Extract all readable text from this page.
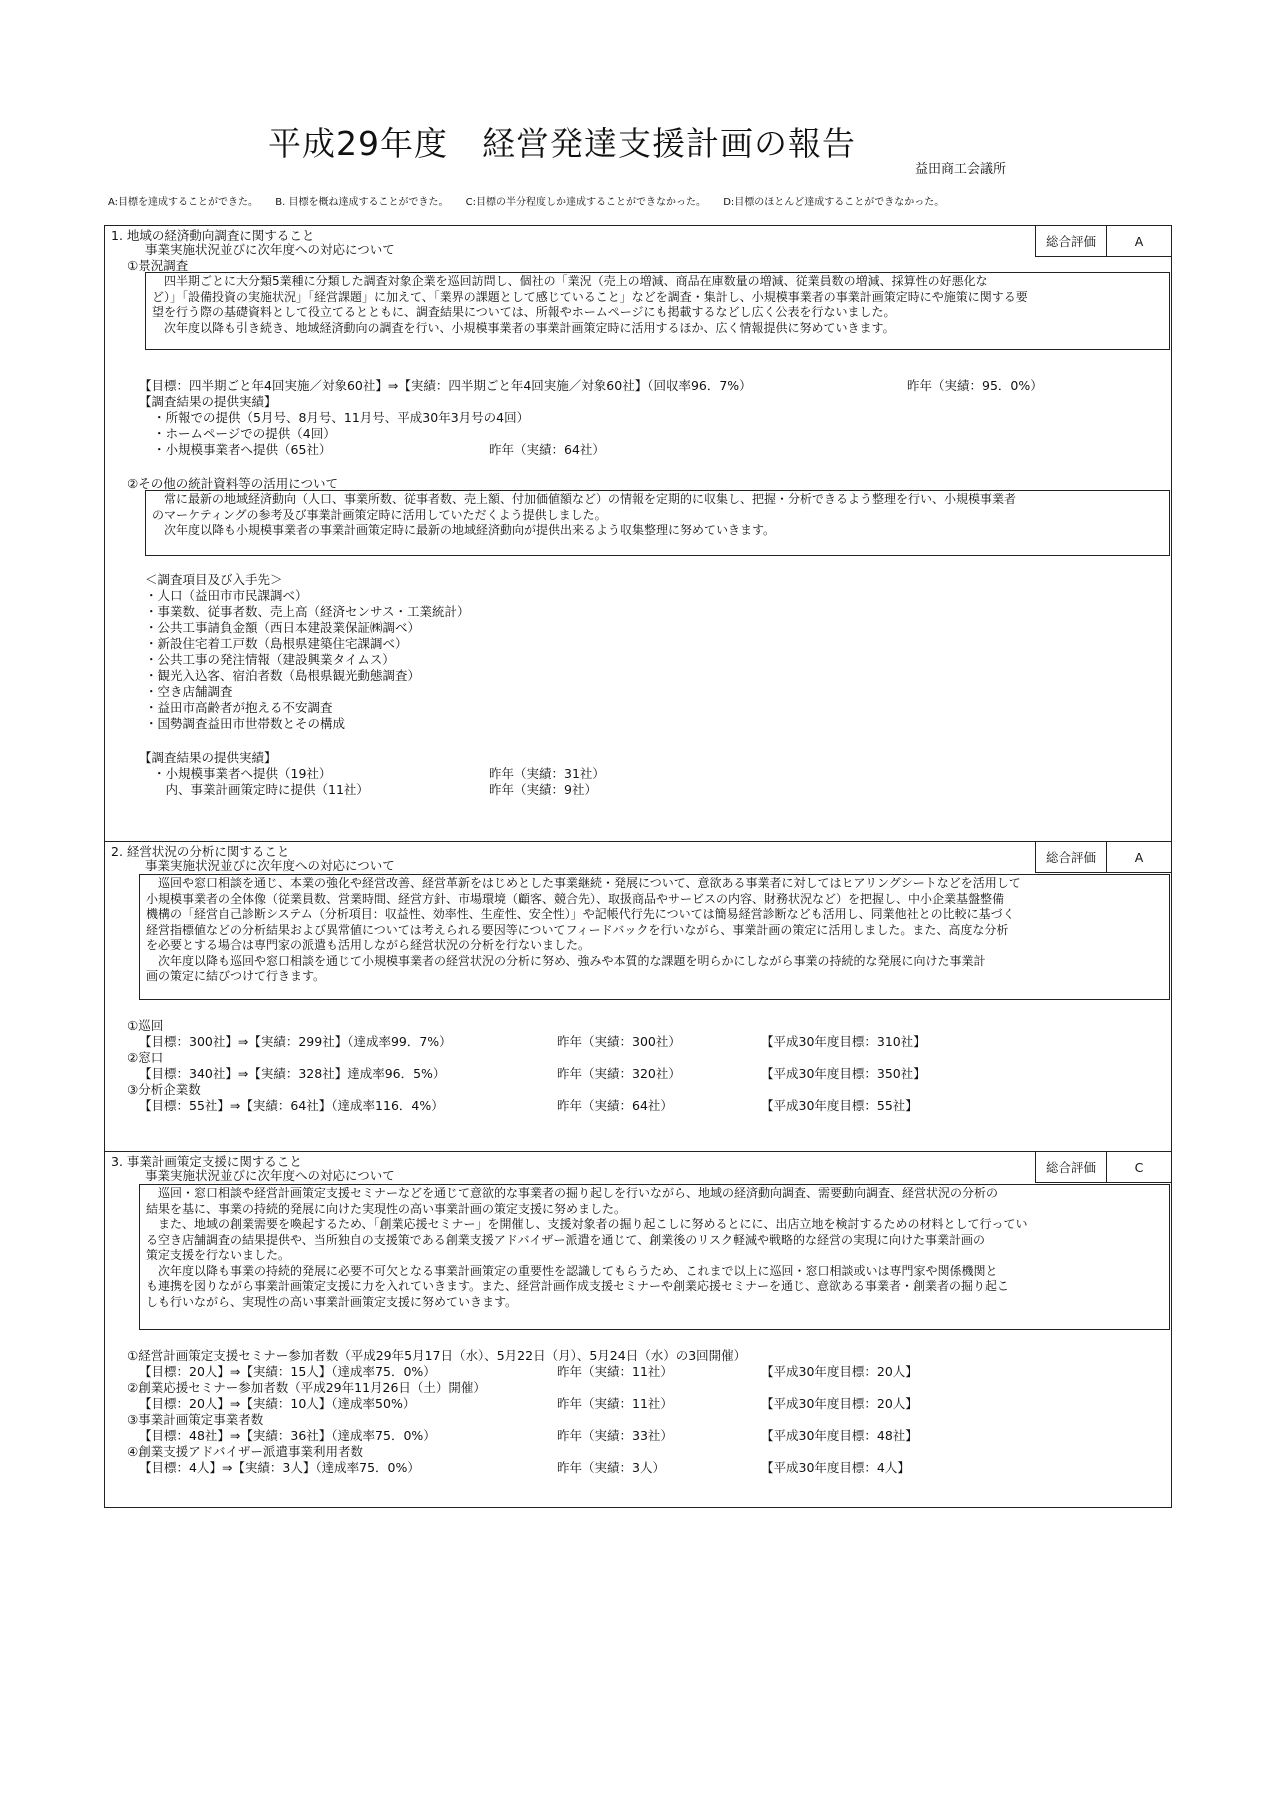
平成29年度　経営発達支援計画の報告
益田商工会議所
A:目標を達成することができた。 B. 目標を概ね達成することができた。 C:目標の半分程度しか達成することができなかった。 D:目標のほとんど達成することができなかった。
1. 地域の経済動向調査に関すること
事業実施状況並びに次年度への対応について
総合評価	A
①景況調査

　四半期ごとに大分類5業種に分類した調査対象企業を巡回訪問し、個社の「業況（売上の増減、商品在庫数量の増減、従業員数の増減、採算性の好悪化な

ど）」「設備投資の実施状況」「経営課題」に加えて、「業界の課題として感じていること」などを調査・集計し、小規模事業者の事業計画策定時にや施策に関する要

望を行う際の基礎資料として役立てるとともに、調査結果については、所報やホームページにも掲載するなどし広く公表を行ないました。

　次年度以降も引き続き、地域経済動向の調査を行い、小規模事業者の事業計画策定時に活用するほか、広く情報提供に努めていきます。

【目標：四半期ごと年4回実施／対象60社】⇒【実績：四半期ごと年4回実施／対象60社】（回収率96．7%）	昨年（実績：95．0%）
【調査結果の提供実績】
・所報での提供（5月号、8月号、11月号、平成30年3月号の4回）
・ホームページでの提供（4回）
・小規模事業者へ提供（65社）	昨年（実績：64社）
②その他の統計資料等の活用について

　常に最新の地域経済動向（人口、事業所数、従事者数、売上額、付加価値額など）の情報を定期的に収集し、把握・分析できるよう整理を行い、小規模事業者

のマーケティングの参考及び事業計画策定時に活用していただくよう提供しました。

　次年度以降も小規模事業者の事業計画策定時に最新の地域経済動向が提供出来るよう収集整理に努めていきます。

＜調査項目及び入手先＞
・人口（益田市市民課調べ）
・事業数、従事者数、売上高（経済センサス・工業統計）
・公共工事請負金額（西日本建設業保証㈱調べ）
・新設住宅着工戸数（島根県建築住宅課調べ）
・公共工事の発注情報（建設興業タイムス）
・観光入込客、宿泊者数（島根県観光動態調査）
・空き店舗調査
・益田市高齢者が抱える不安調査
・国勢調査益田市世帯数とその構成
【調査結果の提供実績】
・小規模事業者へ提供（19社）	昨年（実績：31社）
　内、事業計画策定時に提供（11社）	昨年（実績：9社）
2. 経営状況の分析に関すること
事業実施状況並びに次年度への対応について
総合評価	A

　巡回や窓口相談を通じ、本業の強化や経営改善、経営革新をはじめとした事業継続・発展について、意欲ある事業者に対してはヒアリングシートなどを活用して

小規模事業者の全体像（従業員数、営業時間、経営方針、市場環境（顧客、競合先）、取扱商品やサービスの内容、財務状況など）を把握し、中小企業基盤整備

機構の「経営自己診断システム（分析項目：収益性、効率性、生産性、安全性）」や記帳代行先については簡易経営診断なども活用し、同業他社との比較に基づく

経営指標値などの分析結果および異常値については考えられる要因等についてフィードバックを行いながら、事業計画の策定に活用しました。また、高度な分析

を必要とする場合は専門家の派遣も活用しながら経営状況の分析を行ないました。

　次年度以降も巡回や窓口相談を通じて小規模事業者の経営状況の分析に努め、強みや本質的な課題を明らかにしながら事業の持続的な発展に向けた事業計

画の策定に結びつけて行きます。

①巡回
【目標：300社】⇒【実績：299社】（達成率99．7%）	昨年（実績：300社）	【平成30年度目標：310社】
②窓口
【目標：340社】⇒【実績：328社】達成率96．5%）	昨年（実績：320社）	【平成30年度目標：350社】
③分析企業数
【目標：55社】⇒【実績：64社】（達成率116．4%）	昨年（実績：64社）	【平成30年度目標：55社】
3. 事業計画策定支援に関すること
事業実施状況並びに次年度への対応について
総合評価	C

　巡回・窓口相談や経営計画策定支援セミナーなどを通じて意欲的な事業者の掘り起しを行いながら、地域の経済動向調査、需要動向調査、経営状況の分析の

結果を基に、事業の持続的発展に向けた実現性の高い事業計画の策定支援に努めました。

　また、地域の創業需要を喚起するため、「創業応援セミナー」を開催し、支援対象者の掘り起こしに努めるとにに、出店立地を検討するための材料として行ってい

る空き店舗調査の結果提供や、当所独自の支援策である創業支援アドバイザー派遣を通じて、創業後のリスク軽減や戦略的な経営の実現に向けた事業計画の

策定支援を行ないました。

　次年度以降も事業の持続的発展に必要不可欠となる事業計画策定の重要性を認識してもらうため、これまで以上に巡回・窓口相談或いは専門家や関係機関と

も連携を図りながら事業計画策定支援に力を入れていきます。また、経営計画作成支援セミナーや創業応援セミナーを通じ、意欲ある事業者・創業者の掘り起こ

しも行いながら、実現性の高い事業計画策定支援に努めていきます。

①経営計画策定支援セミナー参加者数（平成29年5月17日（水）、5月22日（月）、5月24日（水）の3回開催）
【目標：20人】⇒【実績：15人】（達成率75．0%）	昨年（実績：11社）	【平成30年度目標：20人】
②創業応援セミナー参加者数（平成29年11月26日（土）開催）
【目標：20人】⇒【実績：10人】（達成率50%）	昨年（実績：11社）	【平成30年度目標：20人】
③事業計画策定事業者数
【目標：48社】⇒【実績：36社】（達成率75．0%）	昨年（実績：33社）	【平成30年度目標：48社】
④創業支援アドバイザー派遣事業利用者数
【目標：4人】⇒【実績：3人】（達成率75．0%）	昨年（実績：3人）	【平成30年度目標：4人】
